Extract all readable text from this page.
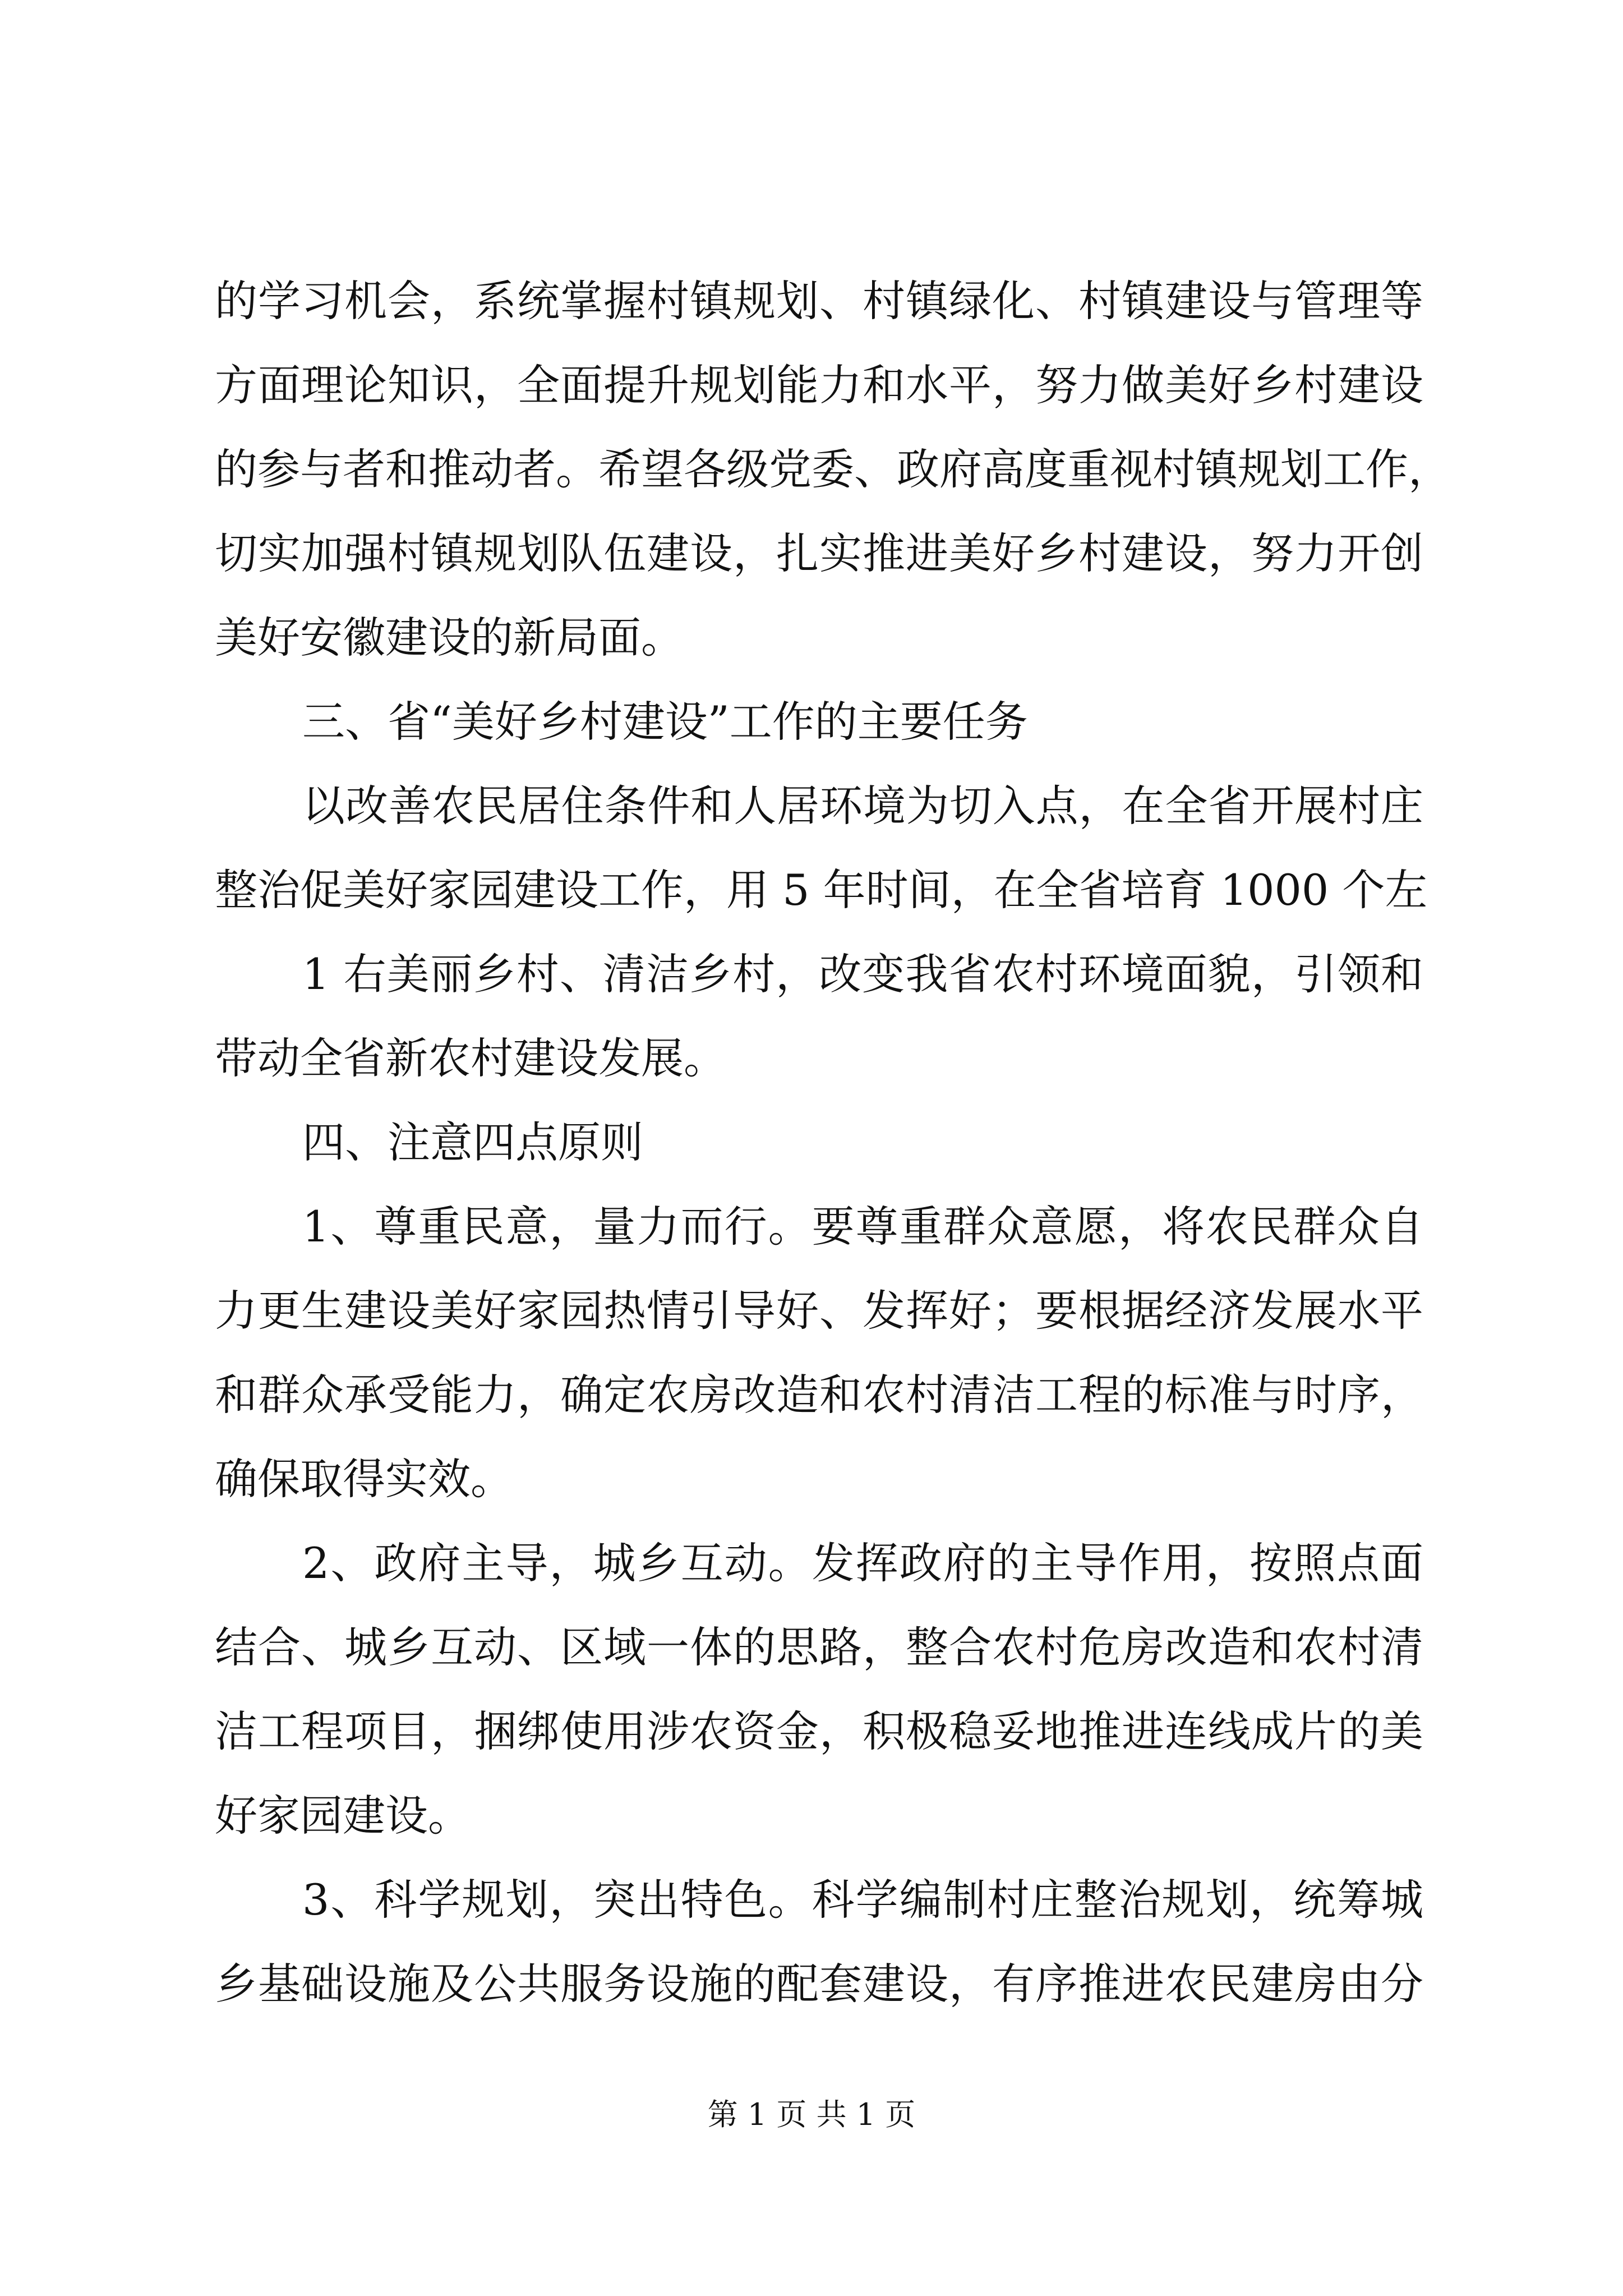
的学习机会，系统掌握村镇规划、村镇绿化、村镇建设与管理等
方面理论知识，全面提升规划能力和水平，努力做美好乡村建设
的参与者和推动者。希望各级党委、政府高度重视村镇规划工作，
切实加强村镇规划队伍建设，扎实推进美好乡村建设，努力开创
美好安徽建设的新局面。
三、省“美好乡村建设”工作的主要任务
以改善农民居住条件和人居环境为切入点，在全省开展村庄
整治促美好家园建设工作，用 5 年时间，在全省培育 1000 个左
1 右美丽乡村、清洁乡村，改变我省农村环境面貌，引领和
带动全省新农村建设发展。
四、注意四点原则
1、尊重民意，量力而行。要尊重群众意愿，将农民群众自
力更生建设美好家园热情引导好、发挥好；要根据经济发展水平
和群众承受能力，确定农房改造和农村清洁工程的标准与时序，
确保取得实效。
2、政府主导，城乡互动。发挥政府的主导作用，按照点面
结合、城乡互动、区域一体的思路，整合农村危房改造和农村清
洁工程项目，捆绑使用涉农资金，积极稳妥地推进连线成片的美
好家园建设。
3、科学规划，突出特色。科学编制村庄整治规划，统筹城
乡基础设施及公共服务设施的配套建设，有序推进农民建房由分
第 1 页 共 1 页
